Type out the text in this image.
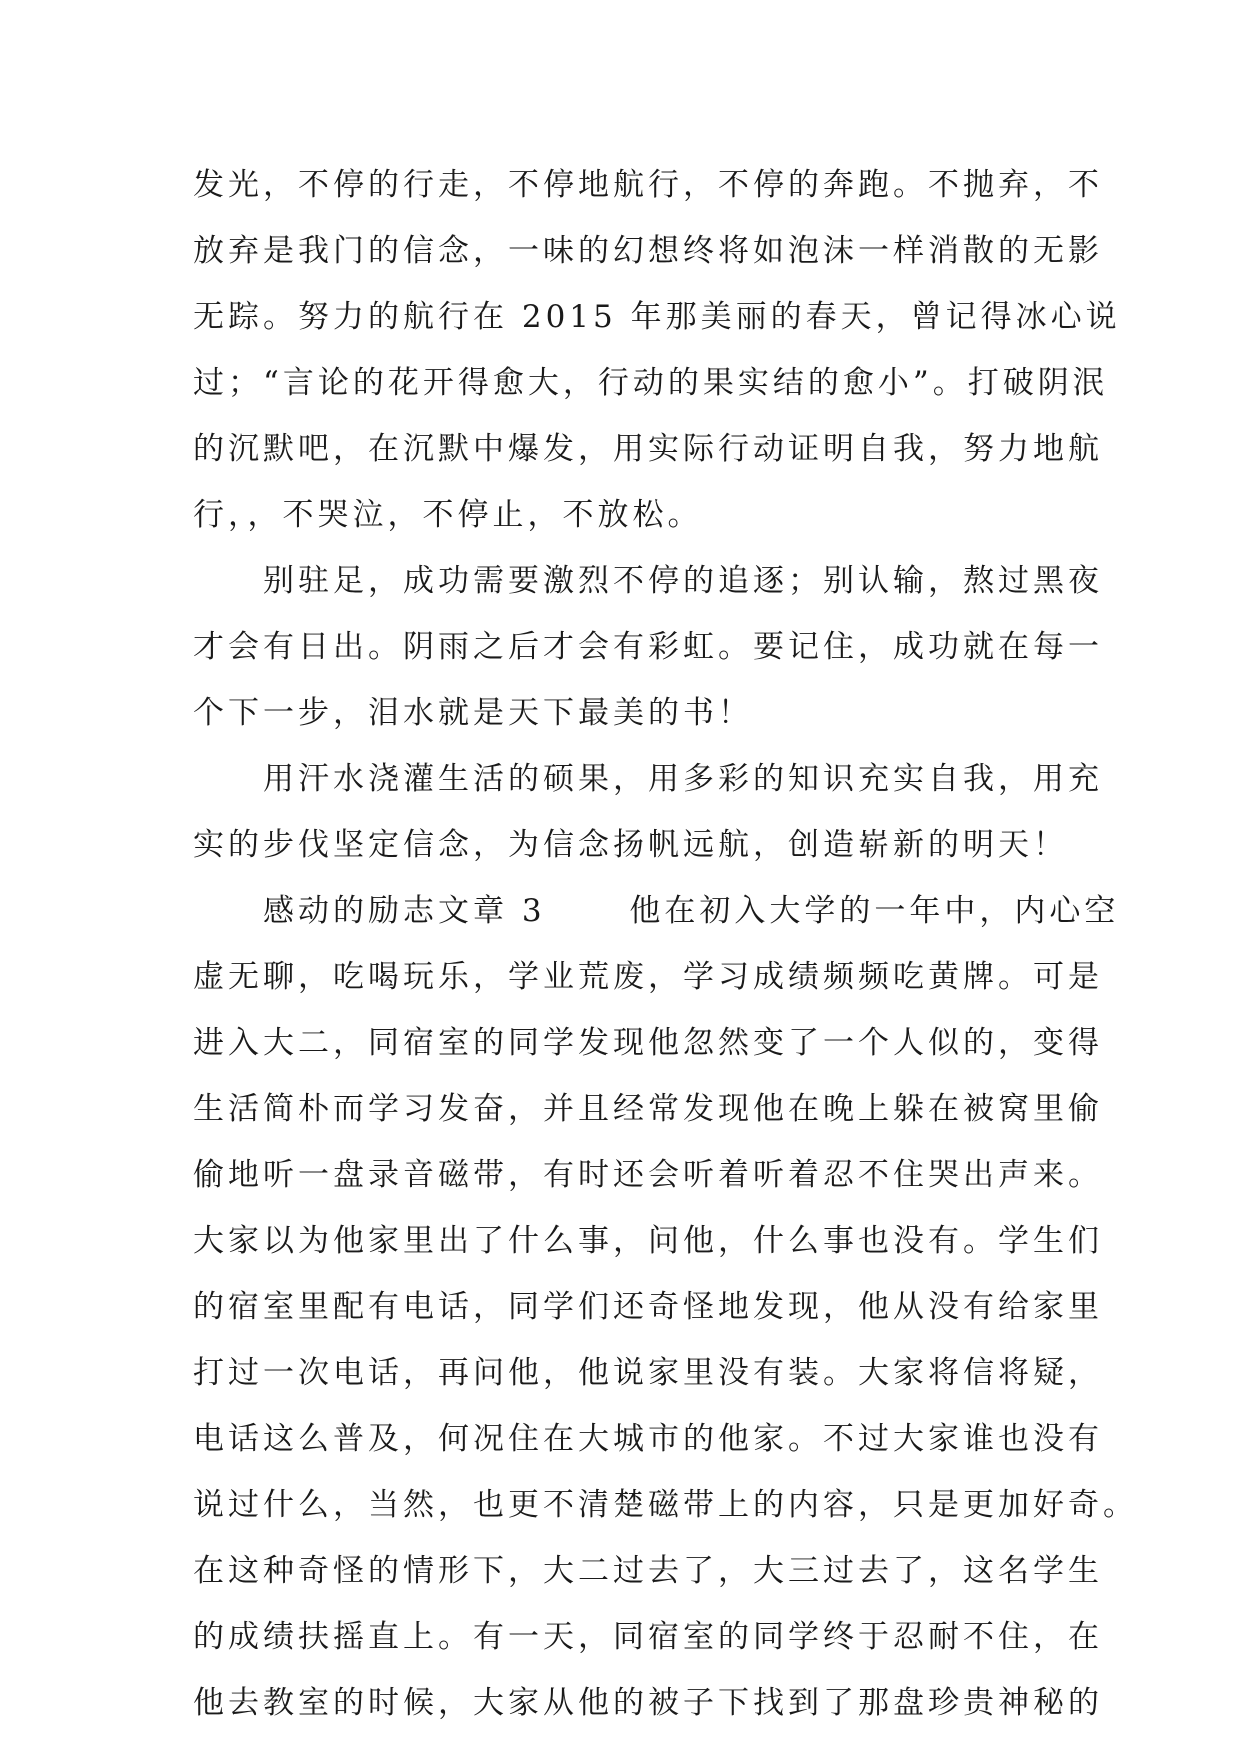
发光，不停的行走，不停地航行，不停的奔跑。不抛弃，不
放弃是我门的信念，一味的幻想终将如泡沫一样消散的无影
无踪。努力的航行在 2015 年那美丽的春天，曾记得冰心说
过；“言论的花开得愈大，行动的果实结的愈小”。打破阴泯
的沉默吧，在沉默中爆发，用实际行动证明自我，努力地航
行，，不哭泣，不停止，不放松。
　　别驻足，成功需要激烈不停的追逐；别认输，熬过黑夜
才会有日出。阴雨之后才会有彩虹。要记住，成功就在每一
个下一步，泪水就是天下最美的书！
　　用汗水浇灌生活的硕果，用多彩的知识充实自我，用充
实的步伐坚定信念，为信念扬帆远航，创造崭新的明天！
　　感动的励志文章 3　　 他在初入大学的一年中，内心空
虚无聊，吃喝玩乐，学业荒废，学习成绩频频吃黄牌。可是
进入大二，同宿室的同学发现他忽然变了一个人似的，变得
生活简朴而学习发奋，并且经常发现他在晚上躲在被窝里偷
偷地听一盘录音磁带，有时还会听着听着忍不住哭出声来。
大家以为他家里出了什么事，问他，什么事也没有。学生们
的宿室里配有电话，同学们还奇怪地发现，他从没有给家里
打过一次电话，再问他，他说家里没有装。大家将信将疑，
电话这么普及，何况住在大城市的他家。不过大家谁也没有
说过什么，当然，也更不清楚磁带上的内容，只是更加好奇。
在这种奇怪的情形下，大二过去了，大三过去了，这名学生
的成绩扶摇直上。有一天，同宿室的同学终于忍耐不住，在
他去教室的时候，大家从他的被子下找到了那盘珍贵神秘的
